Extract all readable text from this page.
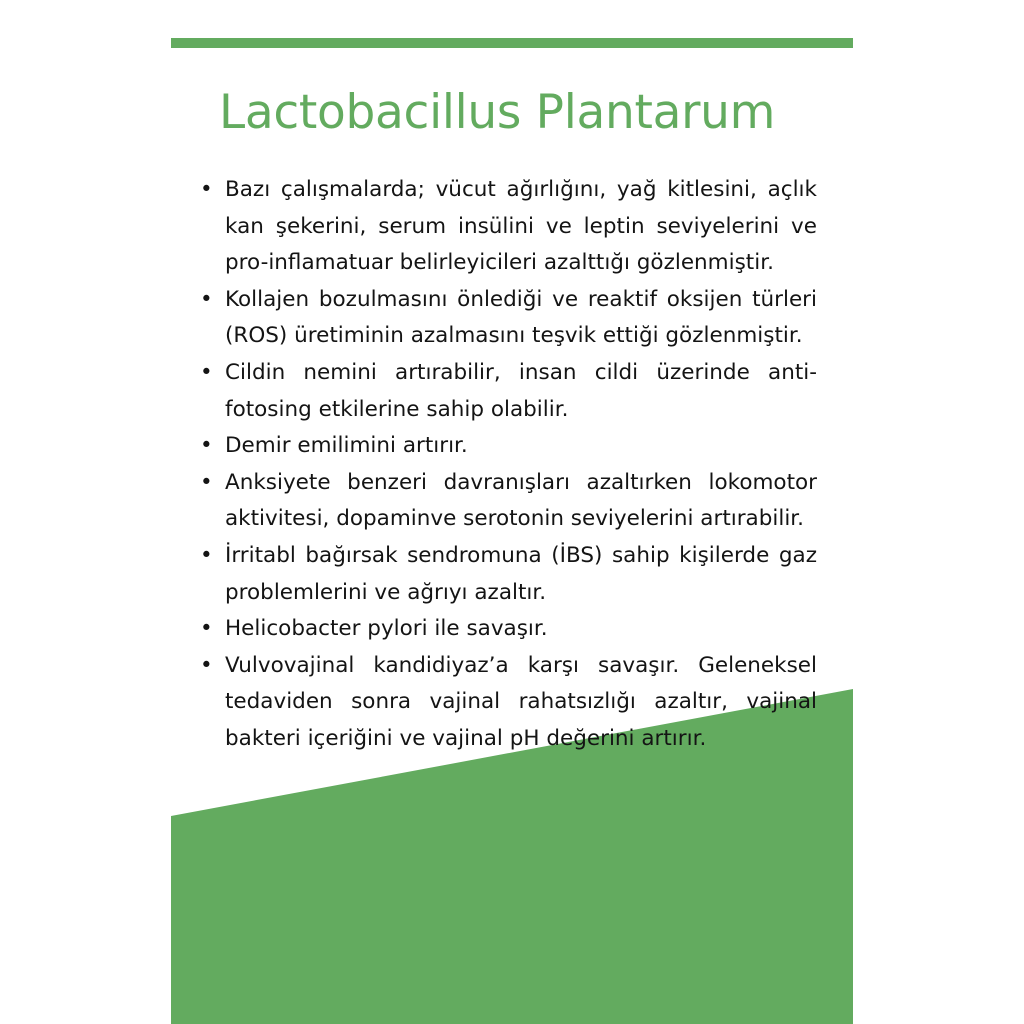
Lactobacillus Plantarum
• Bazı çalışmalarda; vücut ağırlığını, yağ kitlesini, açlık kan şekerini, serum insülini ve leptin seviyelerini ve pro-inflamatuar belirleyicileri azalttığı gözlenmiştir.
• Kollajen bozulmasını önlediği ve reaktif oksijen türleri (ROS) üretiminin azalmasını teşvik ettiği gözlenmiştir.
• Cildin nemini artırabilir, insan cildi üzerinde anti-fotosing etkilerine sahip olabilir.
• Demir emilimini artırır.
• Anksiyete benzeri davranışları azaltırken lokomotor aktivitesi, dopaminve serotonin seviyelerini artırabilir.
• İrritabl bağırsak sendromuna (İBS) sahip kişilerde gaz problemlerini ve ağrıyı azaltır.
• Helicobacter pylori ile savaşır.
• Vulvovajinal kandidiyaz’a karşı savaşır. Geleneksel tedaviden sonra vajinal rahatsızlığı azaltır, vajinal bakteri içeriğini ve vajinal pH değerini artırır.
